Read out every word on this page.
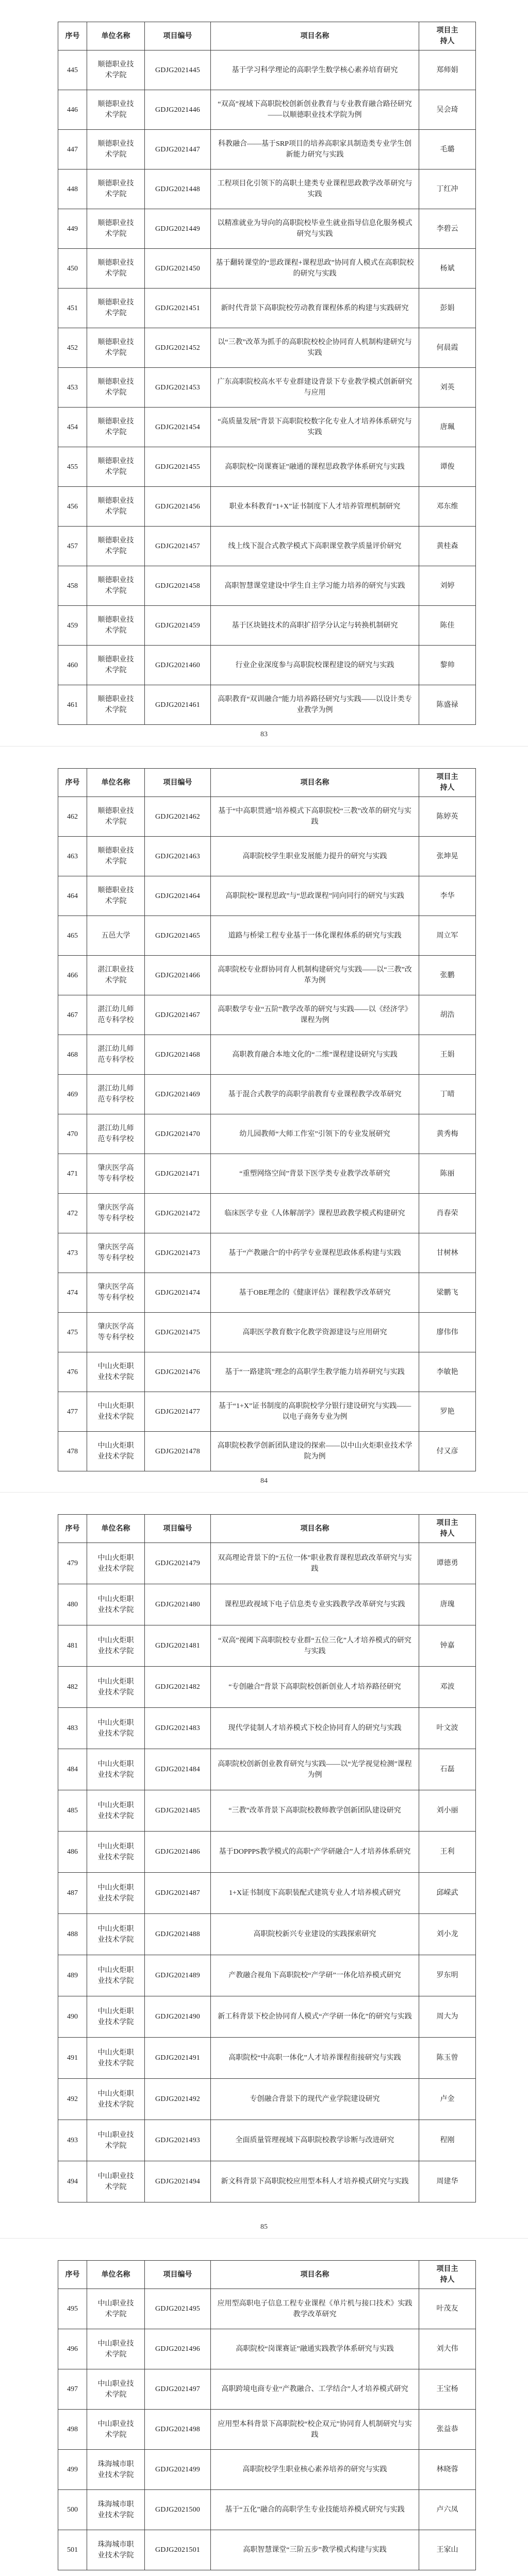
序号	单位名称	项目编号	项目名称	项目主持人
445	顺德职业技术学院	GDJG2021445	基于学习科学理论的高职学生数学核心素养培育研究	郑师娟
446	顺德职业技术学院	GDJG2021446	“双高”视域下高职院校创新创业教育与专业教育融合路径研究——以顺德职业技术学院为例	吴会琦
447	顺德职业技术学院	GDJG2021447	科教融合——基于SRP项目的培养高职家具制造类专业学生创新能力研究与实践	毛璐
448	顺德职业技术学院	GDJG2021448	工程项目化引领下的高职土建类专业课程思政教学改革研究与实践	丁红冲
449	顺德职业技术学院	GDJG2021449	以精准就业为导向的高职院校毕业生就业指导信息化服务模式研究与实践	李碧云
450	顺德职业技术学院	GDJG2021450	基于翻转课堂的“思政课程+课程思政”协同育人模式在高职院校的研究与实践	杨斌
451	顺德职业技术学院	GDJG2021451	新时代背景下高职院校劳动教育课程体系的构建与实践研究	彭娟
452	顺德职业技术学院	GDJG2021452	以“三教”改革为抓手的高职院校校企协同育人机制构建研究与实践	何晨霞
453	顺德职业技术学院	GDJG2021453	广东高职院校高水平专业群建设背景下专业教学模式创新研究与应用	刘英
454	顺德职业技术学院	GDJG2021454	“高质量发展”背景下高职院校数字化专业人才培养体系研究与实践	唐珮
455	顺德职业技术学院	GDJG2021455	高职院校“岗课赛证”融通的课程思政教学体系研究与实践	谭俊
456	顺德职业技术学院	GDJG2021456	职业本科教育“1+X”证书制度下人才培养管理机制研究	邓东维
457	顺德职业技术学院	GDJG2021457	线上线下混合式教学模式下高职课堂教学质量评价研究	黄桂森
458	顺德职业技术学院	GDJG2021458	高职智慧课堂建设中学生自主学习能力培养的研究与实践	刘婷
459	顺德职业技术学院	GDJG2021459	基于区块链技术的高职扩招学分认定与转换机制研究	陈佳
460	顺德职业技术学院	GDJG2021460	行业企业深度参与高职院校课程建设的研究与实践	黎帅
461	顺德职业技术学院	GDJG2021461	高职教育“双训融合”能力培养路径研究与实践——以设计类专业教学为例	陈盛禄
83
序号	单位名称	项目编号	项目名称	项目主持人
462	顺德职业技术学院	GDJG2021462	基于“中高职贯通”培养模式下高职院校“三教”改革的研究与实践	陈婷英
463	顺德职业技术学院	GDJG2021463	高职院校学生职业发展能力提升的研究与实践	张坤晃
464	顺德职业技术学院	GDJG2021464	高职院校“课程思政”与“思政课程”同向同行的研究与实践	李华
465	五邑大学	GDJG2021465	道路与桥梁工程专业基于一体化课程体系的研究与实践	周立军
466	湛江职业技术学院	GDJG2021466	高职院校专业群协同育人机制构建研究与实践——以“三教”改革为例	张鹏
467	湛江幼儿师范专科学校	GDJG2021467	高职数学专业“五阶”教学改革的研究与实践——以《经济学》课程为例	胡浩
468	湛江幼儿师范专科学校	GDJG2021468	高职教育融合本地文化的“二维”课程建设研究与实践	王娟
469	湛江幼儿师范专科学校	GDJG2021469	基于混合式教学的高职学前教育专业课程教学改革研究	丁晴
470	湛江幼儿师范专科学校	GDJG2021470	幼儿园教师“大师工作室”引领下的专业发展研究	黄秀梅
471	肇庆医学高等专科学校	GDJG2021471	“重塑网络空间”背景下医学类专业教学改革研究	陈丽
472	肇庆医学高等专科学校	GDJG2021472	临床医学专业《人体解剖学》课程思政教学模式构建研究	肖春荣
473	肇庆医学高等专科学校	GDJG2021473	基于“产教融合”的中药学专业课程思政体系构建与实践	甘树林
474	肇庆医学高等专科学校	GDJG2021474	基于OBE理念的《健康评估》课程教学改革研究	梁鹏飞
475	肇庆医学高等专科学校	GDJG2021475	高职医学教育数字化教学资源建设与应用研究	廖伟伟
476	中山火炬职业技术学院	GDJG2021476	基于“一路建筑”理念的高职学生教学能力培养研究与实践	李敏艳
477	中山火炬职业技术学院	GDJG2021477	基于“1+X”证书制度的高职院校学分银行建设研究与实践——以电子商务专业为例	罗艳
478	中山火炬职业技术学院	GDJG2021478	高职院校教学创新团队建设的探索——以中山火炬职业技术学院为例	付又彦
84
序号	单位名称	项目编号	项目名称	项目主持人
479	中山火炬职业技术学院	GDJG2021479	双高理论背景下的“五位一体”职业教育课程思政改革研究与实践	谭德勇
480	中山火炬职业技术学院	GDJG2021480	课程思政视域下电子信息类专业实践教学改革研究与实践	唐瑰
481	中山火炬职业技术学院	GDJG2021481	“双高”视阈下高职院校专业群“五位三化”人才培养模式的研究与实践	钟嘉
482	中山火炬职业技术学院	GDJG2021482	“专创融合”背景下高职院校创新创业人才培养路径研究	邓波
483	中山火炬职业技术学院	GDJG2021483	现代学徒制人才培养模式下校企协同育人的研究与实践	叶文波
484	中山火炬职业技术学院	GDJG2021484	高职院校创新创业教育研究与实践——以“光学视觉检测”课程为例	石磊
485	中山火炬职业技术学院	GDJG2021485	“三教”改革背景下高职院校教师教学创新团队建设研究	刘小丽
486	中山火炬职业技术学院	GDJG2021486	基于DOPPPS教学模式的高职“产学研融合”人才培养体系研究	王利
487	中山火炬职业技术学院	GDJG2021487	1+X证书制度下高职装配式建筑专业人才培养模式研究	邱嵘武
488	中山火炬职业技术学院	GDJG2021488	高职院校新兴专业建设的实践探索研究	刘小龙
489	中山火炬职业技术学院	GDJG2021489	产教融合视角下高职院校“产学研”一体化培养模式研究	罗东明
490	中山火炬职业技术学院	GDJG2021490	新工科背景下校企协同育人模式“产学研一体化”的研究与实践	周大为
491	中山火炬职业技术学院	GDJG2021491	高职院校“中高职一体化”人才培养课程衔接研究与实践	陈玉曾
492	中山火炬职业技术学院	GDJG2021492	专创融合背景下的现代产业学院建设研究	卢金
493	中山职业技术学院	GDJG2021493	全面质量管理视域下高职院校教学诊断与改进研究	程刚
494	中山职业技术学院	GDJG2021494	新文科背景下高职院校应用型本科人才培养模式研究与实践	周建华
85
序号	单位名称	项目编号	项目名称	项目主持人
495	中山职业技术学院	GDJG2021495	应用型高职电子信息工程专业课程《单片机与接口技术》实践教学改革研究	叶茂友
496	中山职业技术学院	GDJG2021496	高职院校“岗课赛证”融通实践教学体系研究与实践	刘大伟
497	中山职业技术学院	GDJG2021497	高职跨境电商专业“产教融合、工学结合”人才培养模式研究	王宝杨
498	中山职业技术学院	GDJG2021498	应用型本科背景下高职院校“校企双元”协同育人机制研究与实践	张益恭
499	珠海城市职业技术学院	GDJG2021499	高职院校学生职业核心素养培养的研究与实践	林晓蓉
500	珠海城市职业技术学院	GDJG2021500	基于“五化”融合的高职学生专业技能培养模式研究与实践	卢六凤
501	珠海城市职业技术学院	GDJG2021501	高职智慧课堂“三阶五步”教学模式构建与实践	王家山
